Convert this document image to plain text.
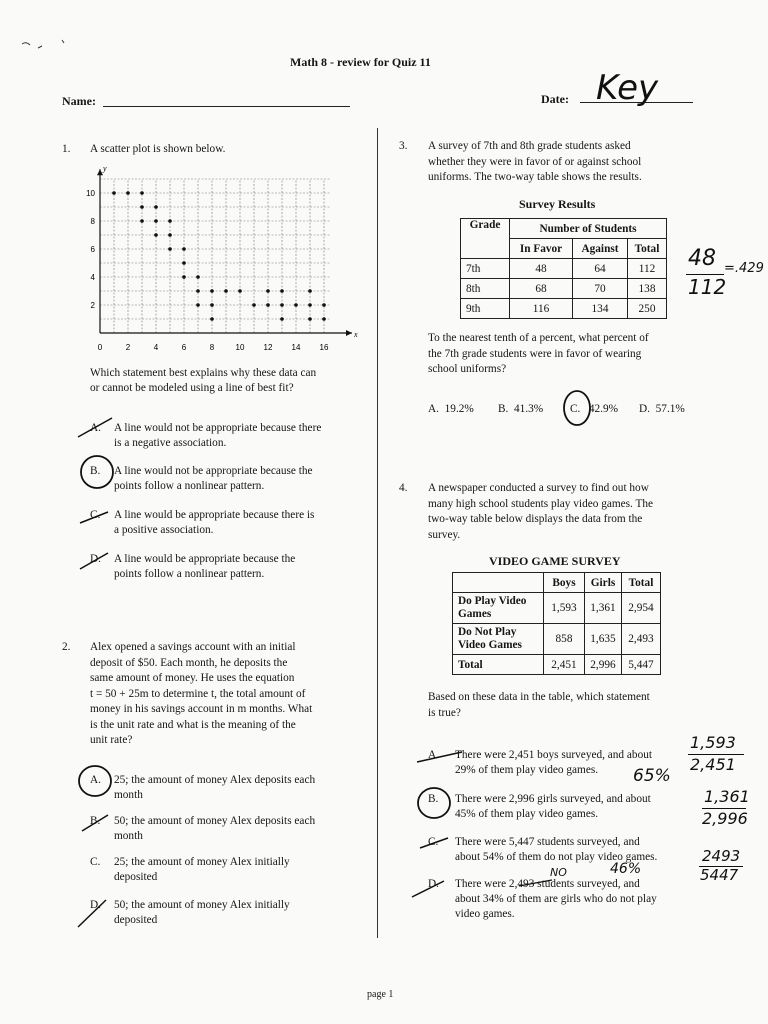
Math 8 - review for Quiz 11
Name:	Date: Key
1. A scatter plot is shown below.
0	2	4	6	8	10 12 14 16
2
4
6
8
10
x
y
Which statement best explains why these data can
or cannot be modeled using a line of best fit?
A. A line would not be appropriate because there
is a negative association.
B. A line would not be appropriate because the
points follow a nonlinear pattern.
C. A line would be appropriate because there is
a positive association.
D. A line would be appropriate because the
points follow a nonlinear pattern.
2. Alex opened a savings account with an initial
deposit of $50. Each month, he deposits the
same amount of money. He uses the equation
t = 50 + 25m to determine t, the total amount of
money in his savings account in m months. What
is the unit rate and what is the meaning of the
unit rate?
A. 25; the amount of money Alex deposits each
month
B. 50; the amount of money Alex deposits each
month
C. 25; the amount of money Alex initially
deposited
D. 50; the amount of money Alex initially
deposited
3. A survey of 7th and 8th grade students asked
whether they were in favor of or against school
uniforms. The two-way table shows the results.
Survey Results
Grade	Number of Students		
	In Favor	Against	Total
7th	48	64	112
8th	68	70	138
9th	116	134	250
48
112
=.429
To the nearest tenth of a percent, what percent of
the 7th grade students were in favor of wearing
school uniforms?
A. 19.2% B. 41.3% C. 42.9% D. 57.1%
4. A newspaper conducted a survey to find out how
many high school students play video games. The
two-way table below displays the data from the
survey.
VIDEO GAME SURVEY
	Boys	Girls	Total

Do Play Video
Games	1,593	1,361	2,954

Do Not Play
Video Games	858	1,635	2,493
Total	2,451	2,996	5,447
Based on these data in the table, which statement
is true?
A. There were 2,451 boys surveyed, and about
29% of them play video games.
B. There were 2,996 girls surveyed, and about
45% of them play video games.
C. There were 5,447 students surveyed, and
about 54% of them do not play video games.
D. There were 2,493 students surveyed, and
about 34% of them are girls who do not play
video games.
1,593
2,451
65%
1,361
2,996
2493
5447
NO	46%
page 1
